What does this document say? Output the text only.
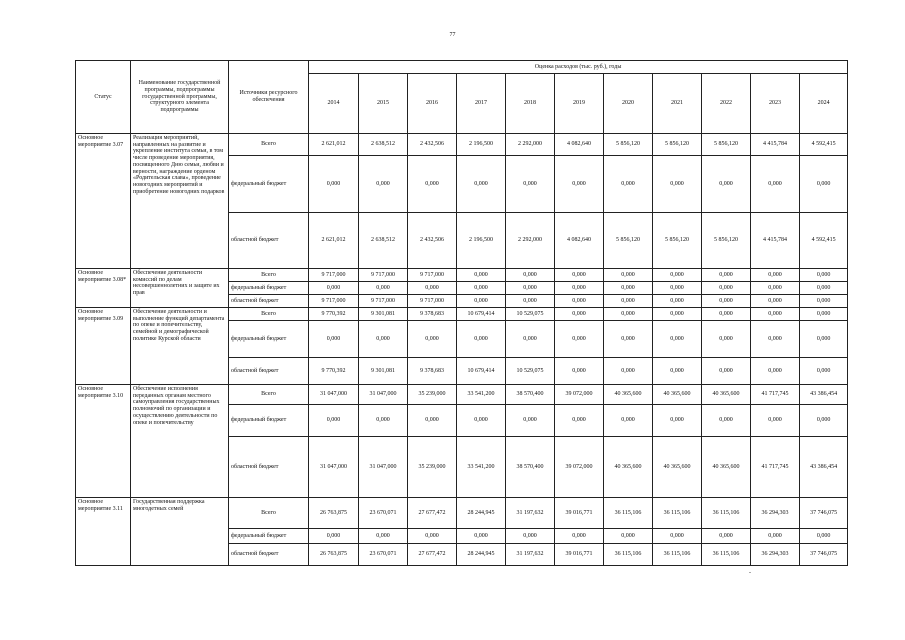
77
Статус	Наименование государственной программы, подпрограммы государственной программы, структурного элемента подпрограммы	Источники ресурсного обеспечения	Оценка расходов (тыс. руб.), годы										
			2014	2015	2016	2017	2018	2019	2020	2021	2022	2023	2024
Основное мероприятие 3.07	Реализация мероприятий, направленных на развитие и укрепление института семьи, в том числе проведение мероприятия, посвященного Дню семьи, любви и верности, награждение орденом «Родительская слава», проведение новогодних мероприятий и приобретение новогодних подарков	Всего	2 621,012	2 638,512	2 432,506	2 196,500	2 292,000	4 082,640	5 856,120	5 856,120	5 856,120	4 415,784	4 592,415
		федеральный бюджет	0,000	0,000	0,000	0,000	0,000	0,000	0,000	0,000	0,000	0,000	0,000
		областной бюджет	2 621,012	2 638,512	2 432,506	2 196,500	2 292,000	4 082,640	5 856,120	5 856,120	5 856,120	4 415,784	4 592,415
Основное мероприятие 3.08*	Обеспечение деятельности комиссий по делам несовершеннолетних и защите их прав	Всего	9 717,000	9 717,000	9 717,000	0,000	0,000	0,000	0,000	0,000	0,000	0,000	0,000
		федеральный бюджет	0,000	0,000	0,000	0,000	0,000	0,000	0,000	0,000	0,000	0,000	0,000
		областной бюджет	9 717,000	9 717,000	9 717,000	0,000	0,000	0,000	0,000	0,000	0,000	0,000	0,000
Основное мероприятие 3.09	Обеспечение деятельности и выполнение функций департамента по опеке и попечительству, семейной и демографической политике Курской области	Всего	9 770,392	9 301,081	9 378,683	10 679,414	10 529,075	0,000	0,000	0,000	0,000	0,000	0,000
		федеральный бюджет	0,000	0,000	0,000	0,000	0,000	0,000	0,000	0,000	0,000	0,000	0,000
		областной бюджет	9 770,392	9 301,081	9 378,683	10 679,414	10 529,075	0,000	0,000	0,000	0,000	0,000	0,000
Основное мероприятие 3.10	Обеспечение исполнения переданных органам местного самоуправления государственных полномочий по организации и осуществлению деятельности по опеке и попечительству	Всего	31 047,000	31 047,000	35 239,000	33 541,200	38 570,400	39 072,000	40 365,600	40 365,600	40 365,600	41 717,745	43 386,454
		федеральный бюджет	0,000	0,000	0,000	0,000	0,000	0,000	0,000	0,000	0,000	0,000	0,000
		областной бюджет	31 047,000	31 047,000	35 239,000	33 541,200	38 570,400	39 072,000	40 365,600	40 365,600	40 365,600	41 717,745	43 386,454
Основное мероприятие 3.11	Государственная поддержка многодетных семей	Всего	26 763,875	23 670,071	27 677,472	28 244,945	31 197,632	39 016,771	36 115,106	36 115,106	36 115,106	36 294,303	37 746,075
		федеральный бюджет	0,000	0,000	0,000	0,000	0,000	0,000	0,000	0,000	0,000	0,000	0,000
		областной бюджет	26 763,875	23 670,071	27 677,472	28 244,945	31 197,632	39 016,771	36 115,106	36 115,106	36 115,106	36 294,303	37 746,075
-
